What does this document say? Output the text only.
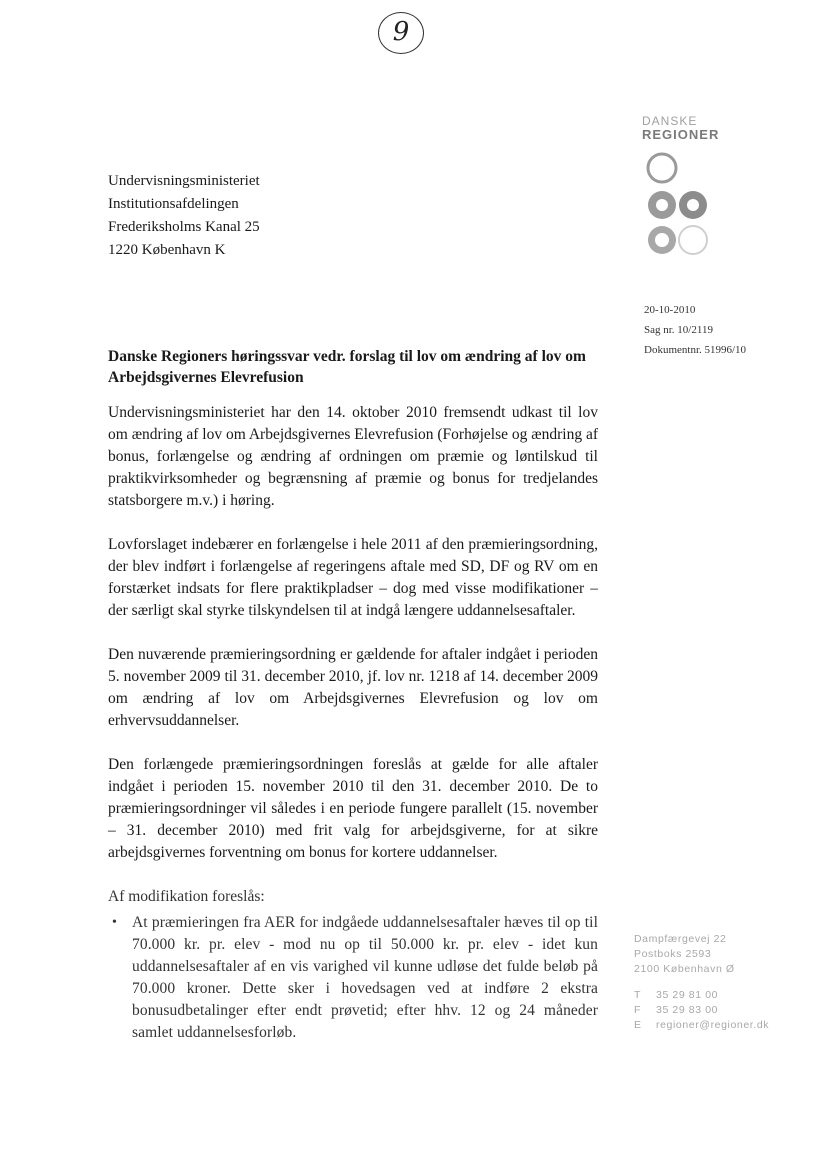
9
DANSKE
REGIONER
Undervisningsministeriet
Institutionsafdelingen
Frederiksholms Kanal 25
1220 København K
20-10-2010
Sag nr. 10/2119
Dokumentnr. 51996/10
Danske Regioners høringssvar vedr. forslag til lov om ændring af lov om Arbejdsgivernes Elevrefusion

Undervisningsministeriet har den 14. oktober 2010 fremsendt udkast til lov om ændring af lov om Arbejdsgivernes Elevrefusion (Forhøjelse og ændring af bonus, forlængelse og ændring af ordningen om præmie og løntilskud til praktikvirksomheder og begrænsning af præmie og bonus for tredjelandes statsborgere m.v.) i høring.

Lovforslaget indebærer en forlængelse i hele 2011 af den præmieringsordning, der blev indført i forlængelse af regeringens aftale med SD, DF og RV om en forstærket indsats for flere praktikpladser – dog med visse modifikationer – der særligt skal styrke tilskyndelsen til at indgå længere uddannelsesaftaler.

Den nuværende præmieringsordning er gældende for aftaler indgået i perioden 5. november 2009 til 31. december 2010, jf. lov nr. 1218 af 14. december 2009 om ændring af lov om Arbejdsgivernes Elevrefusion og lov om erhvervsuddannelser.

Den forlængede præmieringsordningen foreslås at gælde for alle aftaler indgået i perioden 15. november 2010 til den 31. december 2010. De to præmieringsordninger vil således i en periode fungere parallelt (15. november – 31. december 2010) med frit valg for arbejdsgiverne, for at sikre arbejdsgivernes forventning om bonus for kortere uddannelser.

Af modifikation foreslås:
• At præmieringen fra AER for indgåede uddannelsesaftaler hæves til op til 70.000 kr. pr. elev - mod nu op til 50.000 kr. pr. elev - idet kun uddannelsesaftaler af en vis varighed vil kunne udløse det fulde beløb på 70.000 kroner. Dette sker i hovedsagen ved at indføre 2 ekstra bonusudbetalinger efter endt prøvetid; efter hhv. 12 og 24 måneder samlet uddannelsesforløb.
Dampfærgevej 22
Postboks 2593
2100 København Ø
T 35 29 81 00
F 35 29 83 00
E regioner@regioner.dk
